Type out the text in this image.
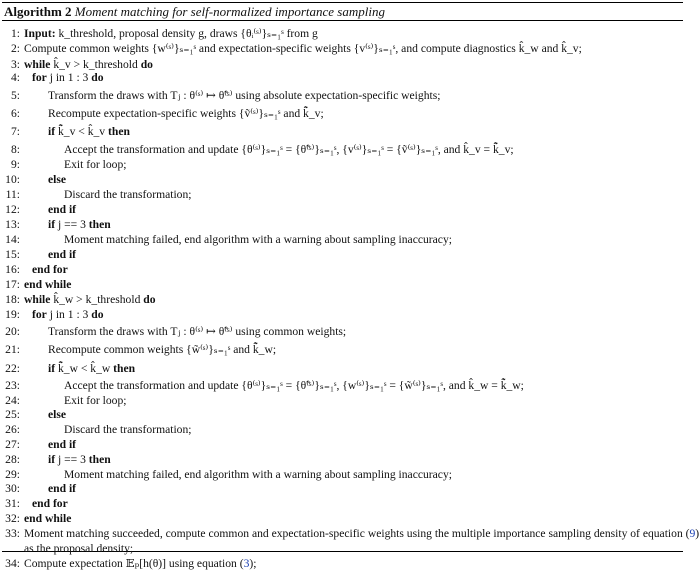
Algorithm 2 Moment matching for self-normalized importance sampling
1: Input: k_threshold, proposal density g, draws {θᵢ⁽ˢ⁾}ₛ₌₁ˢ from g
2: Compute common weights {w⁽ˢ⁾}ₛ₌₁ˢ and expectation-specific weights {v⁽ˢ⁾}ₛ₌₁ˢ, and compute diagnostics k̂_w and k̂_v;
3: while k̂_v > k_threshold do
4: for j in 1 : 3 do
5: Transform the draws with Tⱼ : θ⁽ˢ⁾ ↦ θ̃⁽ˢ⁾ using absolute expectation-specific weights;
6: Recompute expectation-specific weights {ṽ⁽ˢ⁾}ₛ₌₁ˢ and k̃̂_v;
7: if k̃̂_v < k̂_v then
8:	Accept the transformation and update {θ⁽ˢ⁾}ₛ₌₁ˢ = {θ̃⁽ˢ⁾}ₛ₌₁ˢ, {v⁽ˢ⁾}ₛ₌₁ˢ = {ṽ⁽ˢ⁾}ₛ₌₁ˢ, and k̂_v = k̃̂_v;
9:	Exit for loop;
10: else
11:	Discard the transformation;
12: end if
13: if j == 3 then
14:	Moment matching failed, end algorithm with a warning about sampling inaccuracy;
15: end if
16: end for
17: end while
18: while k̂_w > k_threshold do
19: for j in 1 : 3 do
20: Transform the draws with Tⱼ : θ⁽ˢ⁾ ↦ θ̃⁽ˢ⁾ using common weights;
21: Recompute common weights {w̃⁽ˢ⁾}ₛ₌₁ˢ and k̃̂_w;
22: if k̃̂_w < k̂_w then
23:	Accept the transformation and update {θ⁽ˢ⁾}ₛ₌₁ˢ = {θ̃⁽ˢ⁾}ₛ₌₁ˢ, {w⁽ˢ⁾}ₛ₌₁ˢ = {w̃⁽ˢ⁾}ₛ₌₁ˢ, and k̂_w = k̃̂_w;
24:	Exit for loop;
25: else
26:	Discard the transformation;
27: end if
28: if j == 3 then
29:	Moment matching failed, end algorithm with a warning about sampling inaccuracy;
30: end if
31: end for
32: end while
33: Moment matching succeeded, compute common and expectation-specific weights using the multiple importance sampling density of equation (9)
as the proposal density;
34: Compute expectation 𝔼ₚ[h(θ)] using equation (3);
